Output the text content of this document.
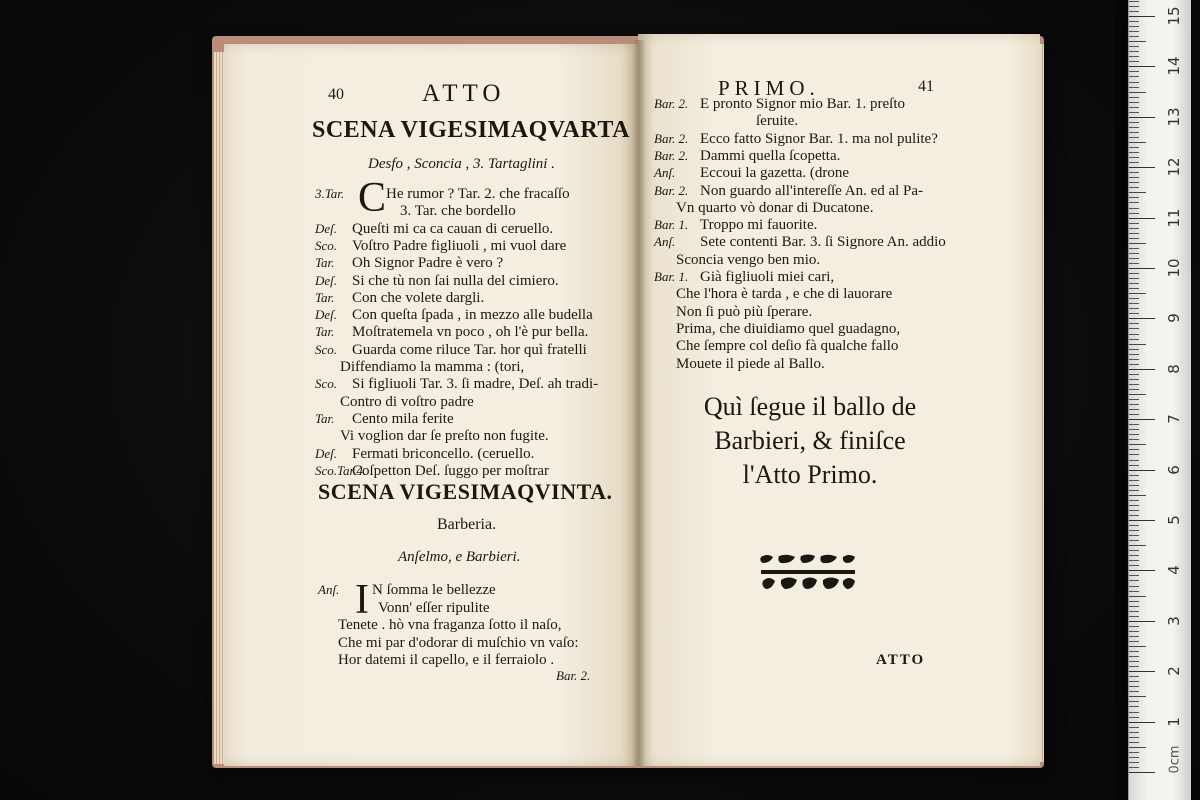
0cm
1
2
3
4
5
6
7
8
9
10
11
12
13
14
15
40	ATTO
SCENA VIGESIMAQVARTA
Desfo , Sconcia , 3. Tartaglini .
C
3.Tar.	He rumor ? Tar. 2. che fracaſſo
3. Tar. che bordello
Deſ. Queſti mi ca ca cauan di ceruello.
Sco. Voſtro Padre figliuoli , mi vuol dare
Tar. Oh Signor Padre è vero ?
Deſ. Si che tù non ſai nulla del cimiero.
Tar. Con che volete dargli.
Deſ. Con queſta ſpada , in mezzo alle budella
Tar. Moſtratemela vn poco , oh l'è pur bella.
Sco. Guarda come riluce Tar. hor quì fratelli
Diffendiamo la mamma : (tori,
Sco. Si figliuoli Tar. 3. ſi madre, Deſ. ah tradi-
Contro di voſtro padre
Tar. Cento mila ferite
Vi voglion dar ſe preſto non fugite.
Deſ. Fermati briconcello. (ceruello.
Sco.Tar.4.
Coſpetton Deſ. ſuggo per moſtrar
SCENA VIGESIMAQVINTA.
Barberia.
Anſelmo, e Barbieri.
I
Anſ. N ſomma le bellezze
Vonn' eſſer ripulite
Tenete . hò vna fraganza ſotto il naſo,
Che mi par d'odorar di muſchio vn vaſo:
Hor datemi il capello, e il ferraiolo .
Bar. 2.
PRIMO.	41
Bar. 2. E pronto Signor mio Bar. 1. preſto
ſeruite.
Bar. 2. Ecco fatto Signor Bar. 1. ma nol pulite?
Bar. 2. Dammi quella ſcopetta.
Anſ. Eccoui la gazetta. (drone
Bar. 2. Non guardo all'intereſſe An. ed al Pa-
Vn quarto vò donar di Ducatone.
Bar. 1. Troppo mi fauorite.
Anſ. Sete contenti Bar. 3. ſi Signore An. addio
Sconcia vengo ben mio.
Bar. 1. Già figliuoli miei cari,
Che l'hora è tarda , e che di lauorare
Non ſi può più ſperare.
Prima, che diuidiamo quel guadagno,
Che ſempre col deſio fà qualche fallo
Mouete il piede al Ballo.
Quì ſegue il ballo de
Barbieri, & finiſce
l'Atto Primo.
ATTO
